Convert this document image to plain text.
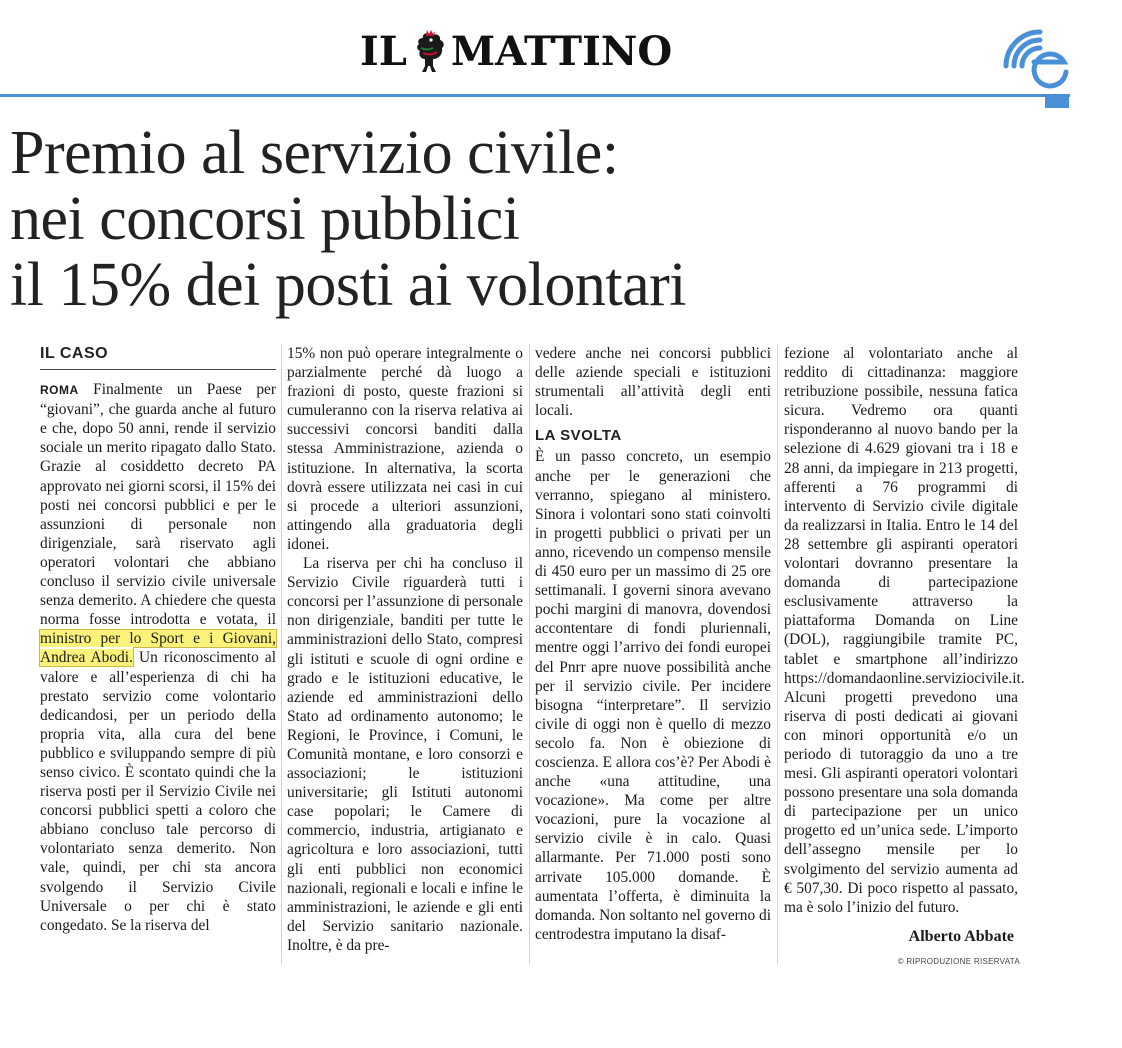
IL MATTINO
Premio al servizio civile:
nei concorsi pubblici
il 15% dei posti ai volontari
IL CASO

ROMA Finalmente un Paese per “giovani”, che guarda anche al futuro e che, dopo 50 anni, rende il servizio sociale un merito ripagato dallo Stato. Grazie al cosiddetto decreto PA approvato nei giorni scorsi, il 15% dei posti nei concorsi pubblici e per le assunzioni di personale non dirigenziale, sarà riservato agli operatori volontari che abbiano concluso il servizio civile universale senza demerito. A chiedere che questa norma fosse introdotta e votata, il ministro per lo Sport e i Giovani, Andrea Abodi. Un riconoscimento al valore e all’esperienza di chi ha prestato servizio come volontario dedicandosi, per un periodo della propria vita, alla cura del bene pubblico e sviluppando sempre di più senso civico. È scontato quindi che la riserva posti per il Servizio Civile nei concorsi pubblici spetti a coloro che abbiano concluso tale percorso di volontariato senza demerito. Non vale, quindi, per chi sta ancora svolgendo il Servizio Civile Universale o per chi è stato congedato. Se la riserva del

15% non può operare integralmente o parzialmente perché dà luogo a frazioni di posto, queste frazioni si cumuleranno con la riserva relativa ai successivi concorsi banditi dalla stessa Amministrazione, azienda o istituzione. In alternativa, la scorta dovrà essere utilizzata nei casi in cui si procede a ulteriori assunzioni, attingendo alla graduatoria degli idonei.

La riserva per chi ha concluso il Servizio Civile riguarderà tutti i concorsi per l’assunzione di personale non dirigenziale, banditi per tutte le amministrazioni dello Stato, compresi gli istituti e scuole di ogni ordine e grado e le istituzioni educative, le aziende ed amministrazioni dello Stato ad ordinamento autonomo; le Regioni, le Province, i Comuni, le Comunità montane, e loro consorzi e associazioni; le istituzioni universitarie; gli Istituti autonomi case popolari; le Camere di commercio, industria, artigianato e agricoltura e loro associazioni, tutti gli enti pubblici non economici nazionali, regionali e locali e infine le amministrazioni, le aziende e gli enti del Servizio sanitario nazionale. Inoltre, è da pre-

vedere anche nei concorsi pubblici delle aziende speciali e istituzioni strumentali all’attività degli enti locali.

LA SVOLTA

È un passo concreto, un esempio anche per le generazioni che verranno, spiegano al ministero. Sinora i volontari sono stati coinvolti in progetti pubblici o privati per un anno, ricevendo un compenso mensile di 450 euro per un massimo di 25 ore settimanali. I governi sinora avevano pochi margini di manovra, dovendosi accontentare di fondi pluriennali, mentre oggi l’arrivo dei fondi europei del Pnrr apre nuove possibilità anche per il servizio civile. Per incidere bisogna “interpretare”. Il servizio civile di oggi non è quello di mezzo secolo fa. Non è obiezione di coscienza. E allora cos’è? Per Abodi è anche «una attitudine, una vocazione». Ma come per altre vocazioni, pure la vocazione al servizio civile è in calo. Quasi allarmante. Per 71.000 posti sono arrivate 105.000 domande. È aumentata l’offerta, è diminuita la domanda. Non soltanto nel governo di centrodestra imputano la disaf-

fezione al volontariato anche al reddito di cittadinanza: maggiore retribuzione possibile, nessuna fatica sicura. Vedremo ora quanti risponderanno al nuovo bando per la selezione di 4.629 giovani tra i 18 e 28 anni, da impiegare in 213 progetti, afferenti a 76 programmi di intervento di Servizio civile digitale da realizzarsi in Italia. Entro le 14 del 28 settembre gli aspiranti operatori volontari dovranno presentare la domanda di partecipazione esclusivamente attraverso la piattaforma Domanda on Line (DOL), raggiungibile tramite PC, tablet e smartphone all’indirizzo https://domandaonline.serviziocivile.it. Alcuni progetti prevedono una riserva di posti dedicati ai giovani con minori opportunità e/o un periodo di tutoraggio da uno a tre mesi. Gli aspiranti operatori volontari possono presentare una sola domanda di partecipazione per un unico progetto ed un’unica sede. L’importo dell’assegno mensile per lo svolgimento del servizio aumenta ad € 507,30. Di poco rispetto al passato, ma è solo l’inizio del futuro.

Alberto Abbate
© RIPRODUZIONE RISERVATA
